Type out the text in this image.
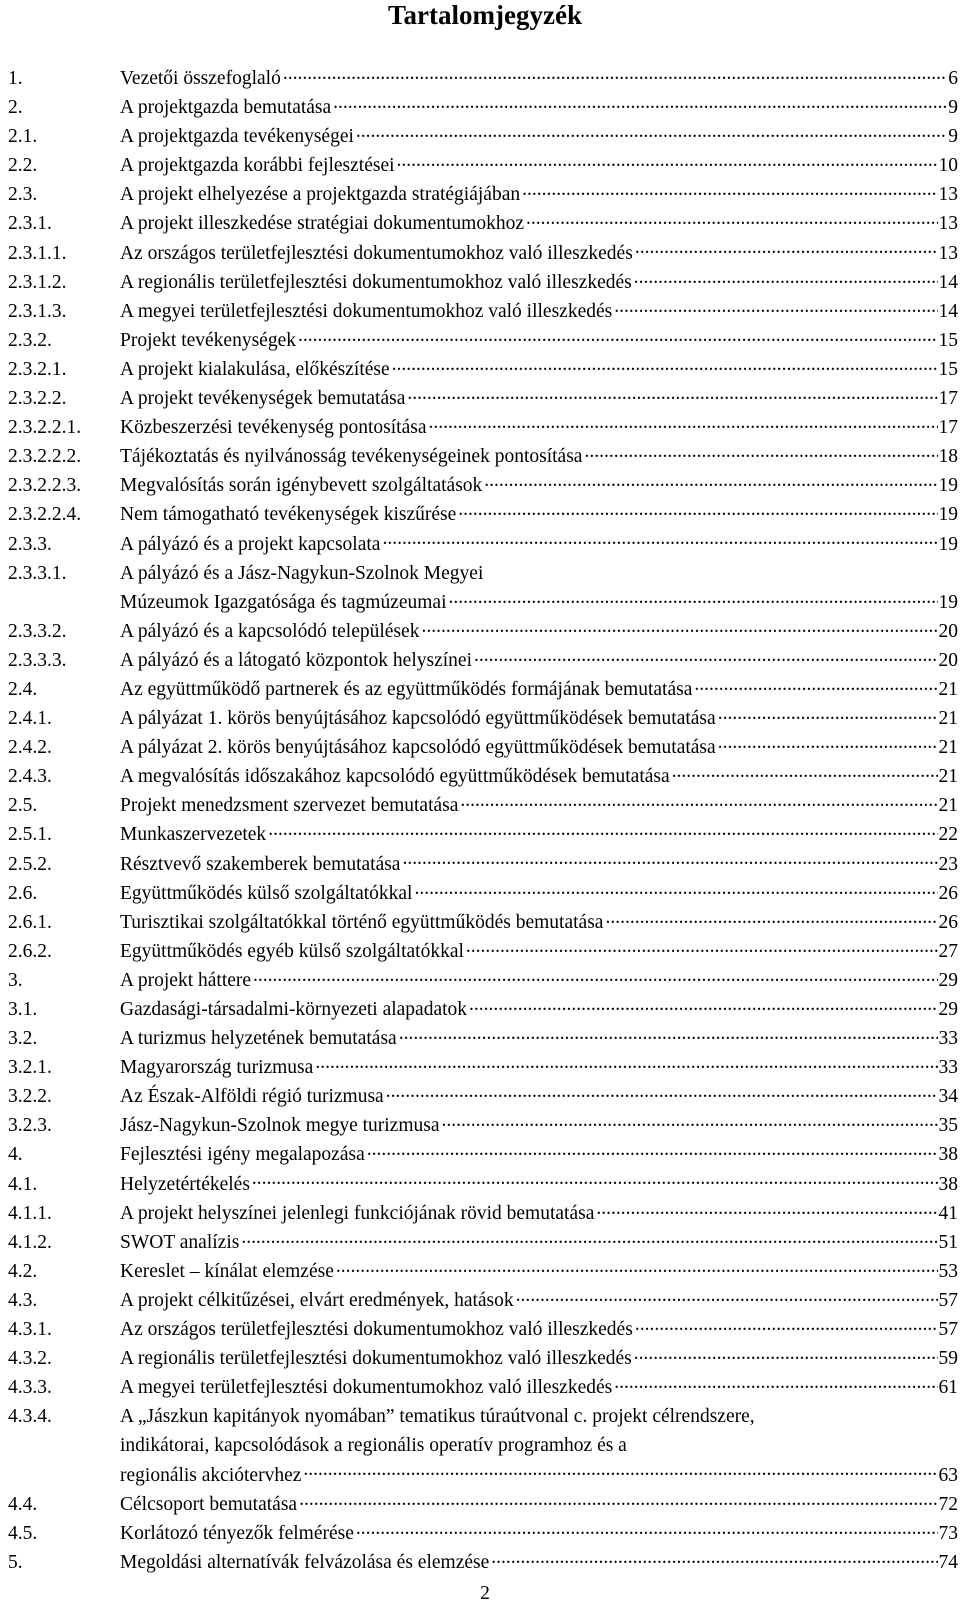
Tartalomjegyzék
1.	Vezetői összefoglaló .....	6
2.	A projektgazda bemutatása .....	9
2.1.	A projektgazda tevékenységei .....	9
2.2.	A projektgazda korábbi fejlesztései .....	10
2.3.	A projekt elhelyezése a projektgazda stratégiájában .....	13
2.3.1.	A projekt illeszkedése stratégiai dokumentumokhoz .....	13
2.3.1.1.	Az országos területfejlesztési dokumentumokhoz való illeszkedés .....	13
2.3.1.2.	A regionális területfejlesztési dokumentumokhoz való illeszkedés .....	14
2.3.1.3.	A megyei területfejlesztési dokumentumokhoz való illeszkedés .....	14
2.3.2.	Projekt tevékenységek .....	15
2.3.2.1.	A projekt kialakulása, előkészítése .....	15
2.3.2.2.	A projekt tevékenységek bemutatása .....	17
2.3.2.2.1.	Közbeszerzési tevékenység pontosítása .....	17
2.3.2.2.2.	Tájékoztatás és nyilvánosság tevékenységeinek pontosítása .....	18
2.3.2.2.3.	Megvalósítás során igénybevett szolgáltatások .....	19
2.3.2.2.4.	Nem támogatható tevékenységek kiszűrése .....	19
2.3.3.	A pályázó és a projekt kapcsolata .....	19
2.3.3.1.	A pályázó és a Jász-Nagykun-Szolnok Megyei
Múzeumok Igazgatósága és tagmúzeumai .....	19
2.3.3.2.	A pályázó és a kapcsolódó települések .....	20
2.3.3.3.	A pályázó és a látogató központok helyszínei .....	20
2.4.	Az együttműködő partnerek és az együttműködés formájának bemutatása .....	21
2.4.1.	A pályázat 1. körös benyújtásához kapcsolódó együttműködések bemutatása .....	21
2.4.2.	A pályázat 2. körös benyújtásához kapcsolódó együttműködések bemutatása .....	21
2.4.3.	A megvalósítás időszakához kapcsolódó együttműködések bemutatása .....	21
2.5.	Projekt menedzsment szervezet bemutatása .....	21
2.5.1.	Munkaszervezetek .....	22
2.5.2.	Résztvevő szakemberek bemutatása .....	23
2.6.	Együttműködés külső szolgáltatókkal .....	26
2.6.1.	Turisztikai szolgáltatókkal történő együttműködés bemutatása .....	26
2.6.2.	Együttműködés egyéb külső szolgáltatókkal .....	27
3.	A projekt háttere .....	29
3.1.	Gazdasági-társadalmi-környezeti alapadatok .....	29
3.2.	A turizmus helyzetének bemutatása .....	33
3.2.1.	Magyarország turizmusa .....	33
3.2.2.	Az Észak-Alföldi régió turizmusa .....	34
3.2.3.	Jász-Nagykun-Szolnok megye turizmusa .....	35
4.	Fejlesztési igény megalapozása .....	38
4.1.	Helyzetértékelés .....	38
4.1.1.	A projekt helyszínei jelenlegi funkciójának rövid bemutatása .....	41
4.1.2.	SWOT analízis .....	51
4.2.	Kereslet – kínálat elemzése .....	53
4.3.	A projekt célkitűzései, elvárt eredmények, hatások .....	57
4.3.1.	Az országos területfejlesztési dokumentumokhoz való illeszkedés .....	57
4.3.2.	A regionális területfejlesztési dokumentumokhoz való illeszkedés .....	59
4.3.3.	A megyei területfejlesztési dokumentumokhoz való illeszkedés .....	61
4.3.4.	A „Jászkun kapitányok nyomában” tematikus túraútvonal c. projekt célrendszere,
indikátorai, kapcsolódások a regionális operatív programhoz és a
regionális akciótervhez .....	63
4.4.	Célcsoport bemutatása .....	72
4.5.	Korlátozó tényezők felmérése .....	73
5.	Megoldási alternatívák felvázolása és elemzése .....	74
2
